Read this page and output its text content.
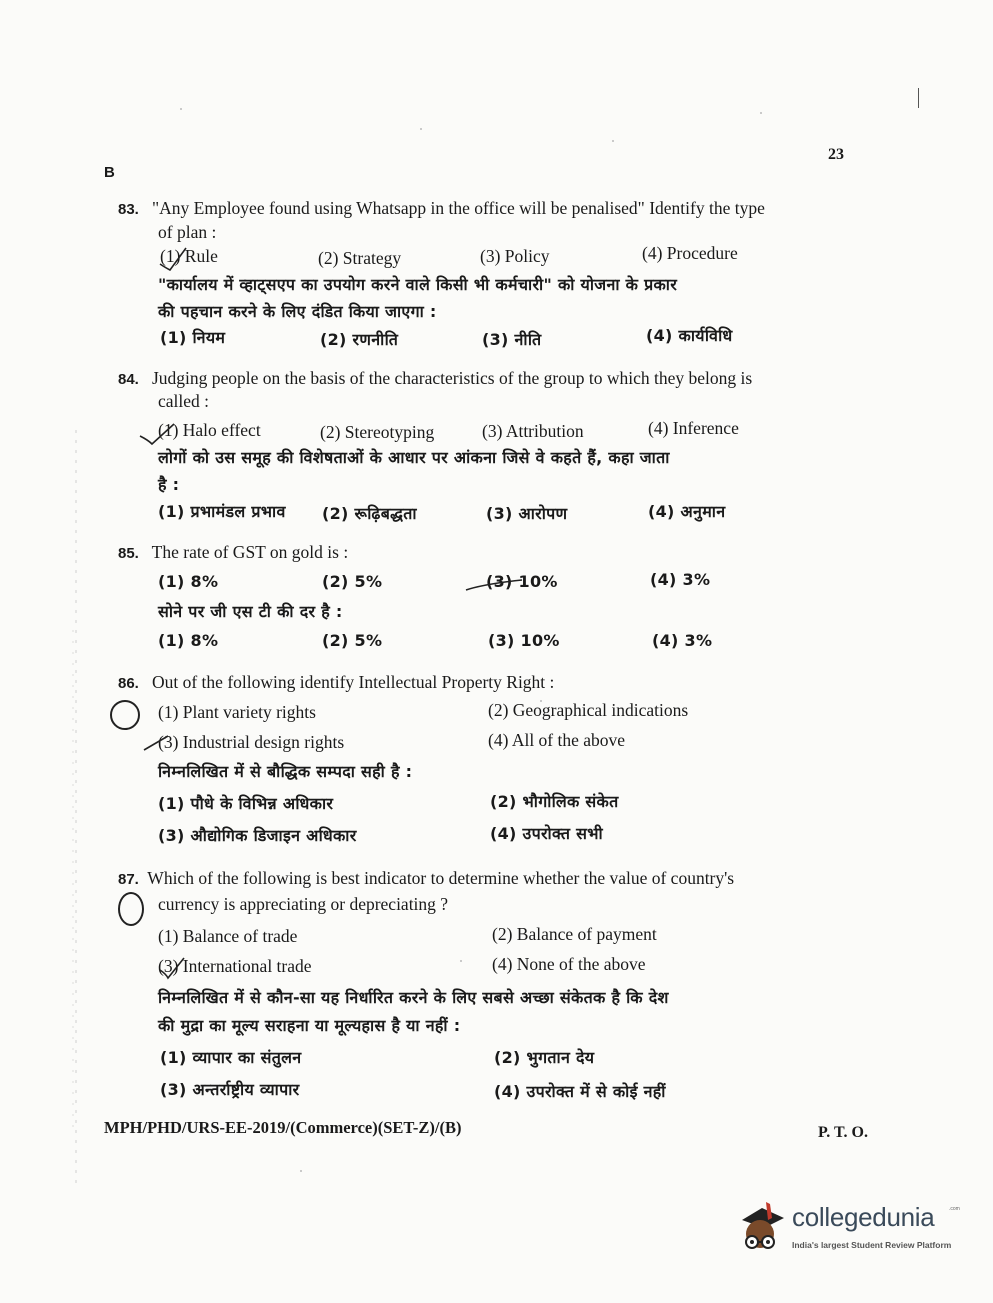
B
23
83. "Any Employee found using Whatsapp in the office will be penalised" Identify the type
of plan :
(1) Rule	(2) Strategy	(3) Policy	(4) Procedure
"कार्यालय में व्हाट्सएप का उपयोग करने वाले किसी भी कर्मचारी" को योजना के प्रकार
की पहचान करने के लिए दंडित किया जाएगा :
(1) नियम	(2) रणनीति	(3) नीति	(4) कार्यविधि
84. Judging people on the basis of the characteristics of the group to which they belong is
called :
(1) Halo effect	(2) Stereotyping	(3) Attribution	(4) Inference
लोगों को उस समूह की विशेषताओं के आधार पर आंकना जिसे वे कहते हैं, कहा जाता
है :
(1) प्रभामंडल प्रभाव (2) रूढ़िबद्धता	(3) आरोपण	(4) अनुमान
85. The rate of GST on gold is :
(1) 8%	(2) 5%	(3) 10%	(4) 3%
सोने पर जी एस टी की दर है :
(1) 8%	(2) 5%	(3) 10%	(4) 3%
86. Out of the following identify Intellectual Property Right :
(1) Plant variety rights	(2) Geographical indications
(3) Industrial design rights	(4) All of the above
निम्नलिखित में से बौद्धिक सम्पदा सही है :
(1) पौधे के विभिन्न अधिकार	(2) भौगोलिक संकेत
(3) औद्योगिक डिजाइन अधिकार	(4) उपरोक्त सभी
87. Which of the following is best indicator to determine whether the value of country's
currency is appreciating or depreciating ?
(1) Balance of trade	(2) Balance of payment
(3) International trade	(4) None of the above
निम्नलिखित में से कौन-सा यह निर्धारित करने के लिए सबसे अच्छा संकेतक है कि देश
की मुद्रा का मूल्य सराहना या मूल्यहास है या नहीं :
(1) व्यापार का संतुलन	(2) भुगतान देय
(3) अन्तर्राष्ट्रीय व्यापार	(4) उपरोक्त में से कोई नहीं
MPH/PHD/URS-EE-2019/(Commerce)(SET-Z)/(B)	P. T. O.
collegedunia	.com
India's largest Student Review Platform
